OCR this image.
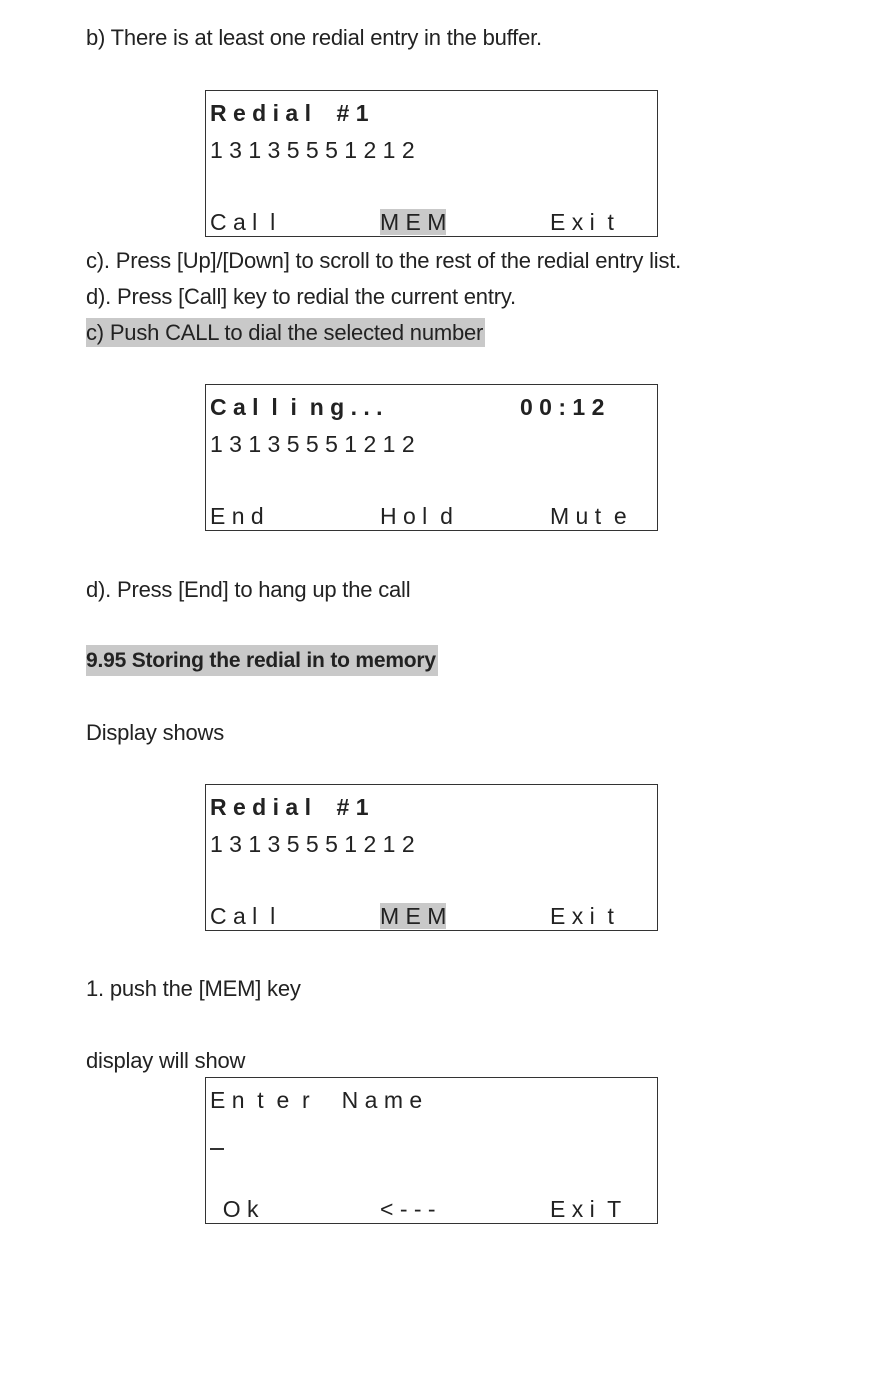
b) There is at least one redial entry in the buffer.
R e d i a l    # 1
1 3 1 3 5 5 5 1 2 1 2
C a l  l	M E M	E x i  t
c). Press [Up]/[Down] to scroll to the rest of the redial entry list.
d). Press [Call] key to redial the current entry.
c) Push CALL to dial the selected number
C a l  l  i  n g . . .	0 0 : 1 2
1 3 1 3 5 5 5 1 2 1 2
E n d	H o l  d	M u t  e
d). Press [End] to hang up the call
9.95 Storing the redial in to memory
Display shows
R e d i a l    # 1
1 3 1 3 5 5 5 1 2 1 2
C a l  l	M E M	E x i  t
1. push the [MEM] key
display will show
E n  t  e  r     N a m e
O k	< - - -	E x i  T
